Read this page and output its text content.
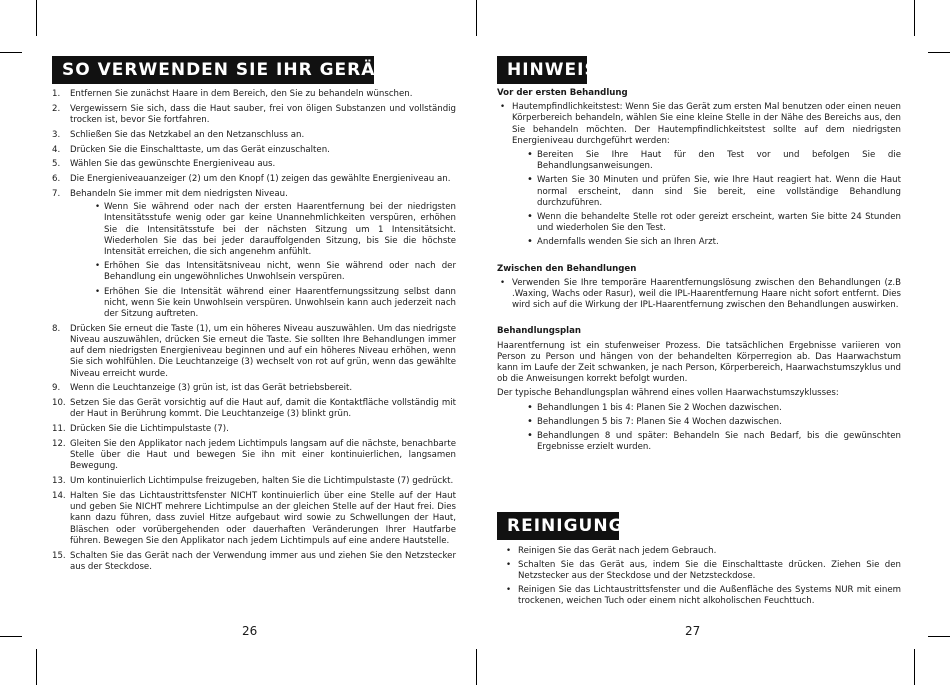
SO VERWENDEN SIE IHR GERÄT
1. Entfernen Sie zunächst Haare in dem Bereich, den Sie zu behandeln wünschen.
2. Vergewissern Sie sich, dass die Haut sauber, frei von öligen Substanzen und vollständig trocken ist, bevor Sie fortfahren.
3. Schließen Sie das Netzkabel an den Netzanschluss an.
4. Drücken Sie die Einschalttaste, um das Gerät einzuschalten.
5. Wählen Sie das gewünschte Energieniveau aus.
6. Die Energieniveauanzeiger (2) um den Knopf (1) zeigen das gewählte Energieniveau an.
7. Behandeln Sie immer mit dem niedrigsten Niveau.
• Wenn Sie während oder nach der ersten Haarentfernung bei der niedrigsten Intensitätsstufe wenig oder gar keine Unannehmlichkeiten verspüren, erhöhen Sie die Intensitätsstufe bei der nächsten Sitzung um 1 Intensitätsicht. Wiederholen Sie das bei jeder darauffolgenden Sitzung, bis Sie die höchste Intensität erreichen, die sich angenehm anfühlt.
• Erhöhen Sie das Intensitätsniveau nicht, wenn Sie während oder nach der Behandlung ein ungewöhnliches Unwohlsein verspüren.
• Erhöhen Sie die Intensität während einer Haarentfernungssitzung selbst dann nicht, wenn Sie kein Unwohlsein verspüren. Unwohlsein kann auch jederzeit nach der Sitzung auftreten.
8. Drücken Sie erneut die Taste (1), um ein höheres Niveau auszuwählen. Um das niedrigste Niveau auszuwählen, drücken Sie erneut die Taste. Sie sollten Ihre Behandlungen immer auf dem niedrigsten Energieniveau beginnen und auf ein höheres Niveau erhöhen, wenn Sie sich wohlfühlen. Die Leuchtanzeige (3) wechselt von rot auf grün, wenn das gewählte Niveau erreicht wurde.
9. Wenn die Leuchtanzeige (3) grün ist, ist das Gerät betriebsbereit.
10. Setzen Sie das Gerät vorsichtig auf die Haut auf, damit die Kontaktfläche vollständig mit der Haut in Berührung kommt. Die Leuchtanzeige (3) blinkt grün.
11. Drücken Sie die Lichtimpulstaste (7).
12. Gleiten Sie den Applikator nach jedem Lichtimpuls langsam auf die nächste, benachbarte Stelle über die Haut und bewegen Sie ihn mit einer kontinuierlichen, langsamen Bewegung.
13. Um kontinuierlich Lichtimpulse freizugeben, halten Sie die Lichtimpulstaste (7) gedrückt.
14. Halten Sie das Lichtaustrittsfenster NICHT kontinuierlich über eine Stelle auf der Haut und geben Sie NICHT mehrere Lichtimpulse an der gleichen Stelle auf der Haut frei. Dies kann dazu führen, dass zuviel Hitze aufgebaut wird sowie zu Schwellungen der Haut, Bläschen oder vorübergehenden oder dauerhaften Veränderungen Ihrer Hautfarbe führen. Bewegen Sie den Applikator nach jedem Lichtimpuls auf eine andere Hautstelle.
15. Schalten Sie das Gerät nach der Verwendung immer aus und ziehen Sie den Netzstecker aus der Steckdose.
26
HINWEIS
Vor der ersten Behandlung
• Hautempfindlichkeitstest: Wenn Sie das Gerät zum ersten Mal benutzen oder einen neuen Körperbereich behandeln, wählen Sie eine kleine Stelle in der Nähe des Bereichs aus, den Sie behandeln möchten. Der Hautempfindlichkeitstest sollte auf dem niedrigsten Energieniveau durchgeführt werden:
• Bereiten Sie Ihre Haut für den Test vor und befolgen Sie die Behandlungsanweisungen.
• Warten Sie 30 Minuten und prüfen Sie, wie Ihre Haut reagiert hat. Wenn die Haut normal erscheint, dann sind Sie bereit, eine vollständige Behandlung durchzuführen.
• Wenn die behandelte Stelle rot oder gereizt erscheint, warten Sie bitte 24 Stunden und wiederholen Sie den Test.
• Andernfalls wenden Sie sich an Ihren Arzt.
Zwischen den Behandlungen
• Verwenden Sie Ihre temporäre Haarentfernungslösung zwischen den Behandlungen (z.B .Waxing, Wachs oder Rasur), weil die IPL-Haarentfernung Haare nicht sofort entfernt. Dies wird sich auf die Wirkung der IPL-Haarentfernung zwischen den Behandlungen auswirken.
Behandlungsplan

Haarentfernung ist ein stufenweiser Prozess. Die tatsächlichen Ergebnisse variieren von Person zu Person und hängen von der behandelten Körperregion ab. Das Haarwachstum kann im Laufe der Zeit schwanken, je nach Person, Körperbereich, Haarwachstumszyklus und ob die Anweisungen korrekt befolgt wurden.

Der typische Behandlungsplan während eines vollen Haarwachstumszyklusses:

• Behandlungen 1 bis 4: Planen Sie 2 Wochen dazwischen.
• Behandlungen 5 bis 7: Planen Sie 4 Wochen dazwischen.
• Behandlungen 8 und später: Behandeln Sie nach Bedarf, bis die gewünschten Ergebnisse erzielt wurden.
REINIGUNG
• Reinigen Sie das Gerät nach jedem Gebrauch.
• Schalten Sie das Gerät aus, indem Sie die Einschalttaste drücken. Ziehen Sie den Netzstecker aus der Steckdose und der Netzsteckdose.
• Reinigen Sie das Lichtaustrittsfenster und die Außenfläche des Systems NUR mit einem trockenen, weichen Tuch oder einem nicht alkoholischen Feuchttuch.
27
